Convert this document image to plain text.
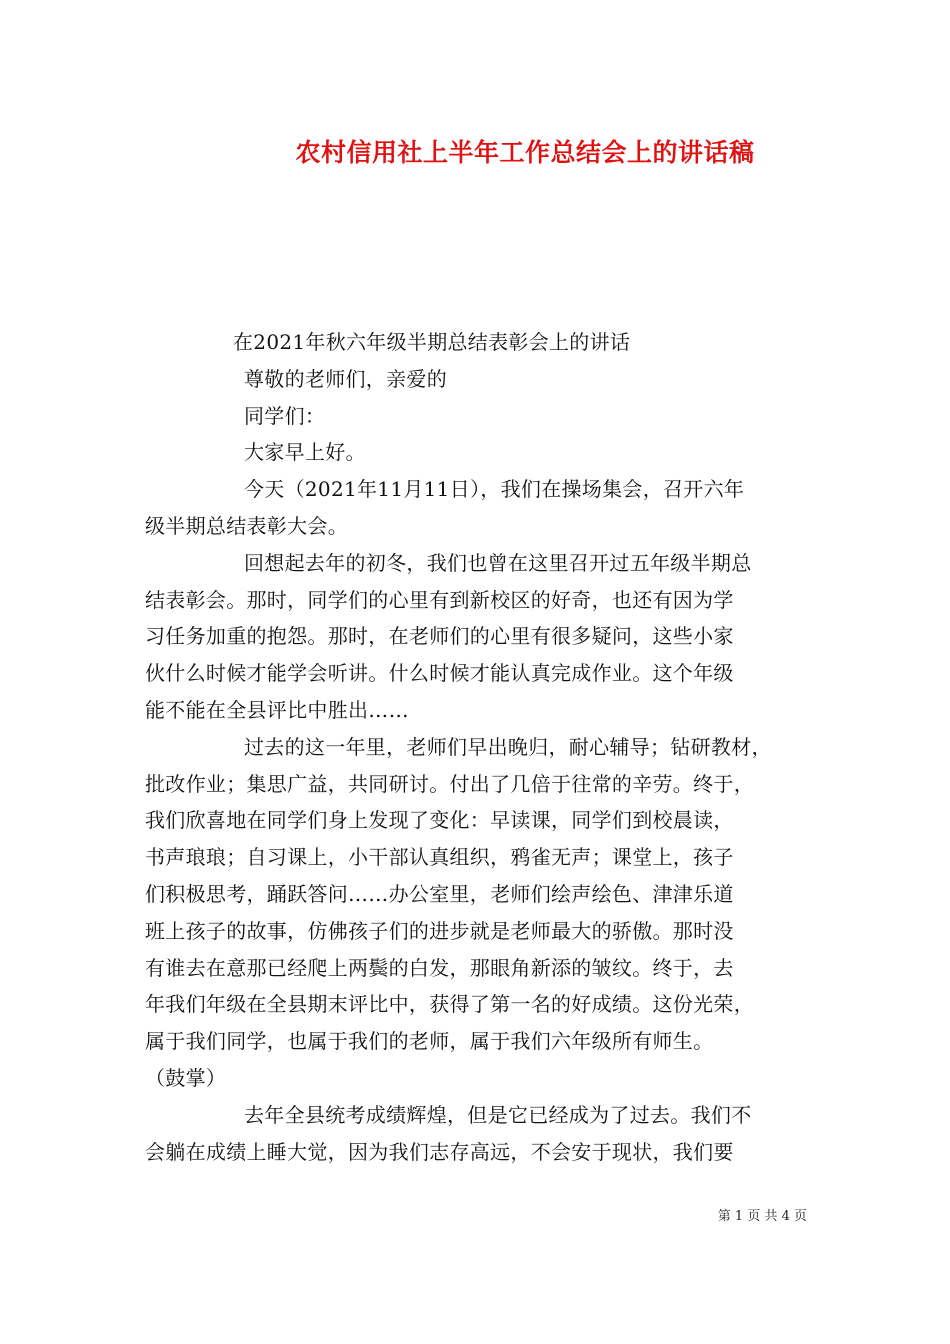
农村信用社上半年工作总结会上的讲话稿
在2021年秋六年级半期总结表彰会上的讲话
尊敬的老师们，亲爱的
同学们：
大家早上好。
今天（2021年11月11日），我们在操场集会，召开六年
级半期总结表彰大会。
回想起去年的初冬，我们也曾在这里召开过五年级半期总
结表彰会。那时，同学们的心里有到新校区的好奇，也还有因为学
习任务加重的抱怨。那时，在老师们的心里有很多疑问，这些小家
伙什么时候才能学会听讲。什么时候才能认真完成作业。这个年级
能不能在全县评比中胜出……
过去的这一年里，老师们早出晚归，耐心辅导；钻研教材，
批改作业；集思广益，共同研讨。付出了几倍于往常的辛劳。终于，
我们欣喜地在同学们身上发现了变化：早读课，同学们到校晨读，
书声琅琅；自习课上，小干部认真组织，鸦雀无声；课堂上，孩子
们积极思考，踊跃答问……办公室里，老师们绘声绘色、津津乐道
班上孩子的故事，仿佛孩子们的进步就是老师最大的骄傲。那时没
有谁去在意那已经爬上两鬓的白发，那眼角新添的皱纹。终于，去
年我们年级在全县期末评比中，获得了第一名的好成绩。这份光荣，
属于我们同学，也属于我们的老师，属于我们六年级所有师生。
（鼓掌）
去年全县统考成绩辉煌，但是它已经成为了过去。我们不
会躺在成绩上睡大觉，因为我们志存高远，不会安于现状，我们要
第 1 页 共 4 页
